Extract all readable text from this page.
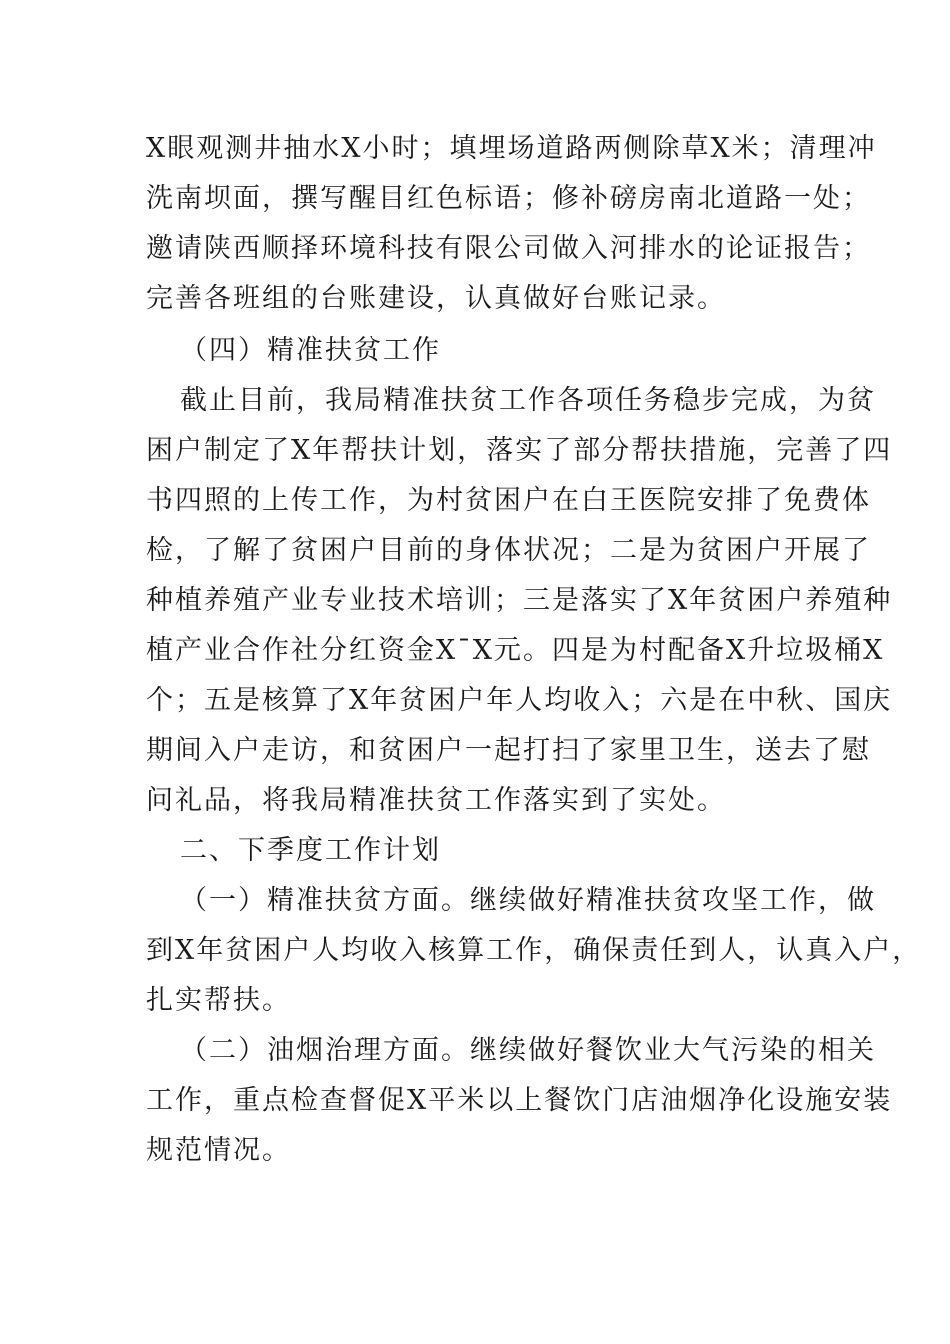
X眼观测井抽水X小时；填埋场道路两侧除草X米；清理冲
洗南坝面，撰写醒目红色标语；修补磅房南北道路一处；
邀请陕西顺择环境科技有限公司做入河排水的论证报告；
完善各班组的台账建设，认真做好台账记录。
（四）精准扶贫工作
截止目前，我局精准扶贫工作各项任务稳步完成，为贫
困户制定了X年帮扶计划，落实了部分帮扶措施，完善了四
书四照的上传工作，为村贫困户在白王医院安排了免费体
检，了解了贫困户目前的身体状况；二是为贫困户开展了
种植养殖产业专业技术培训；三是落实了X年贫困户养殖种
植产业合作社分红资金X¯X元。四是为村配备X升垃圾桶X
个；五是核算了X年贫困户年人均收入；六是在中秋、国庆
期间入户走访，和贫困户一起打扫了家里卫生，送去了慰
问礼品，将我局精准扶贫工作落实到了实处。
二、下季度工作计划
（一）精准扶贫方面。继续做好精准扶贫攻坚工作，做
到X年贫困户人均收入核算工作，确保责任到人，认真入户，
扎实帮扶。
（二）油烟治理方面。继续做好餐饮业大气污染的相关
工作，重点检查督促X平米以上餐饮门店油烟净化设施安装
规范情况。
